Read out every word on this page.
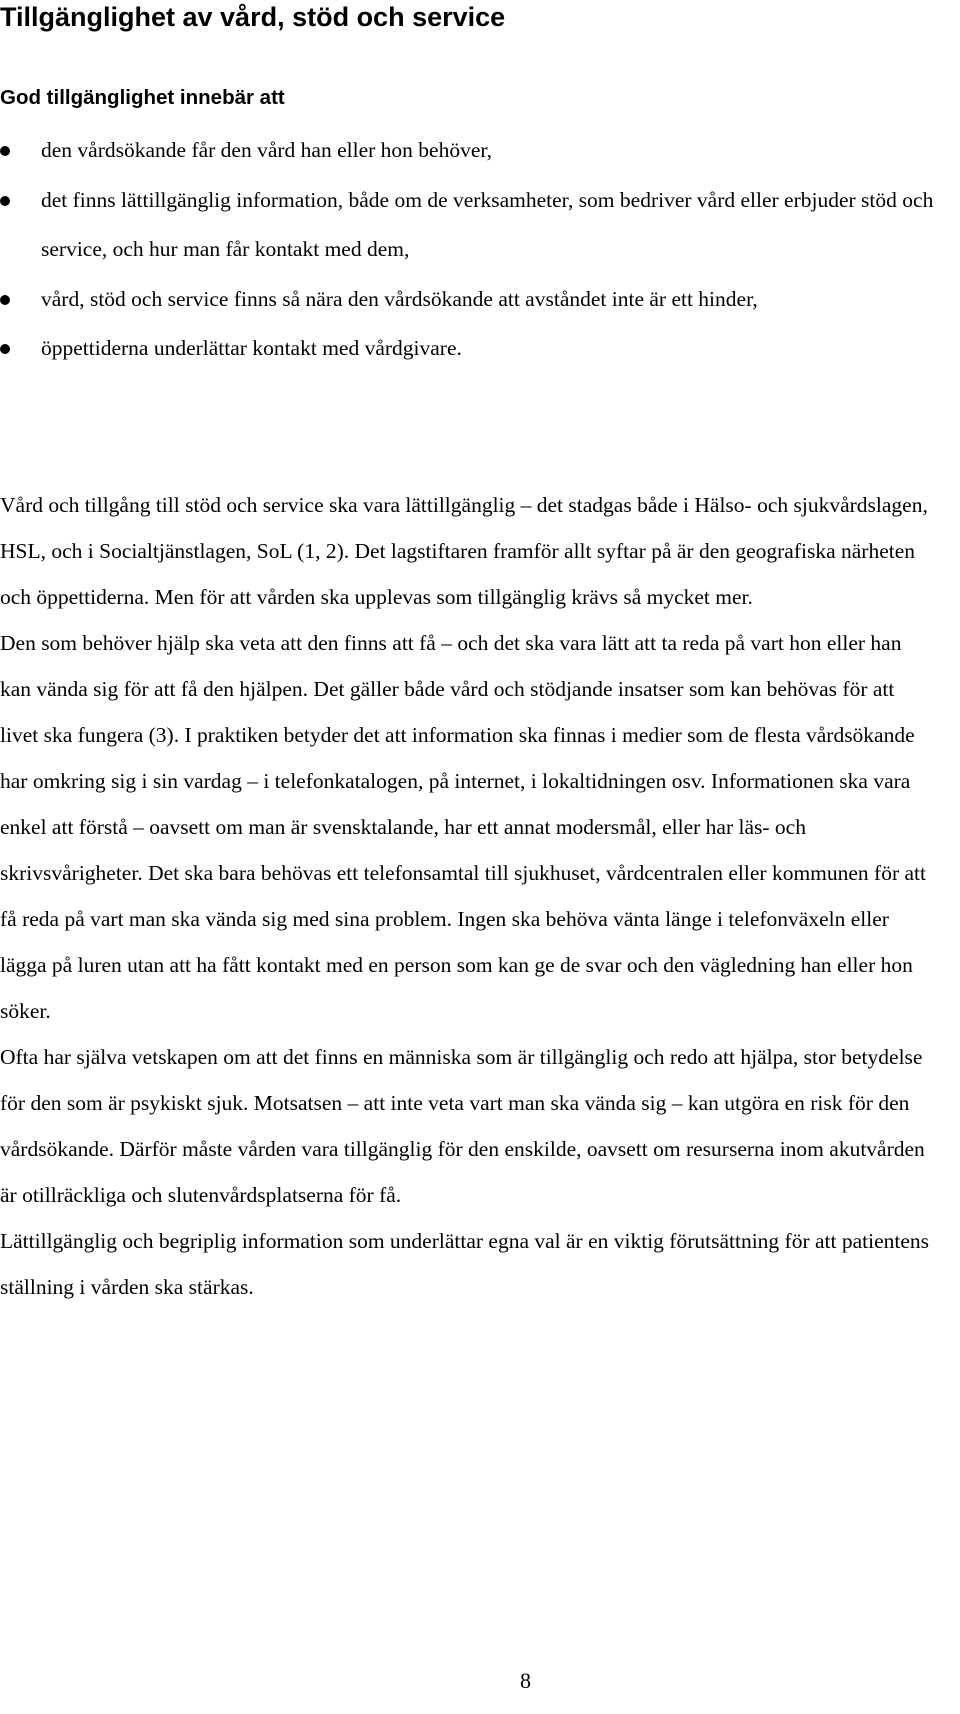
Tillgänglighet av vård, stöd och service
God tillgänglighet innebär att
den vårdsökande får den vård han eller hon behöver,
det finns lättillgänglig information, både om de verksamheter, som bedriver vård eller erbjuder stöd och service, och hur man får kontakt med dem,
vård, stöd och service finns så nära den vårdsökande att avståndet inte är ett hinder,
öppettiderna underlättar kontakt med vårdgivare.

Vård och tillgång till stöd och service ska vara lättillgänglig – det stadgas både i Hälso- och sjukvårdslagen, HSL, och i Socialtjänstlagen, SoL (1, 2). Det lagstiftaren framför allt syftar på är den geografiska närheten och öppettiderna. Men för att vården ska upplevas som tillgänglig krävs så mycket mer.

Den som behöver hjälp ska veta att den finns att få – och det ska vara lätt att ta reda på vart hon eller han kan vända sig för att få den hjälpen. Det gäller både vård och stödjande insatser som kan behövas för att livet ska fungera (3). I praktiken betyder det att information ska finnas i medier som de flesta vårdsökande har omkring sig i sin vardag – i telefonkatalogen, på internet, i lokaltidningen osv. Informationen ska vara enkel att förstå – oavsett om man är svensktalande, har ett annat modersmål, eller har läs- och skrivsvårigheter. Det ska bara behövas ett telefonsamtal till sjukhuset, vårdcentralen eller kommunen för att få reda på vart man ska vända sig med sina problem. Ingen ska behöva vänta länge i telefonväxeln eller lägga på luren utan att ha fått kontakt med en person som kan ge de svar och den vägledning han eller hon söker.

Ofta har själva vetskapen om att det finns en människa som är tillgänglig och redo att hjälpa, stor betydelse för den som är psykiskt sjuk. Motsatsen – att inte veta vart man ska vända sig – kan utgöra en risk för den vårdsökande. Därför måste vården vara tillgänglig för den enskilde, oavsett om resurserna inom akutvården är otillräckliga och slutenvårdsplatserna för få.

Lättillgänglig och begriplig information som underlättar egna val är en viktig förutsättning för att patientens ställning i vården ska stärkas.

8
